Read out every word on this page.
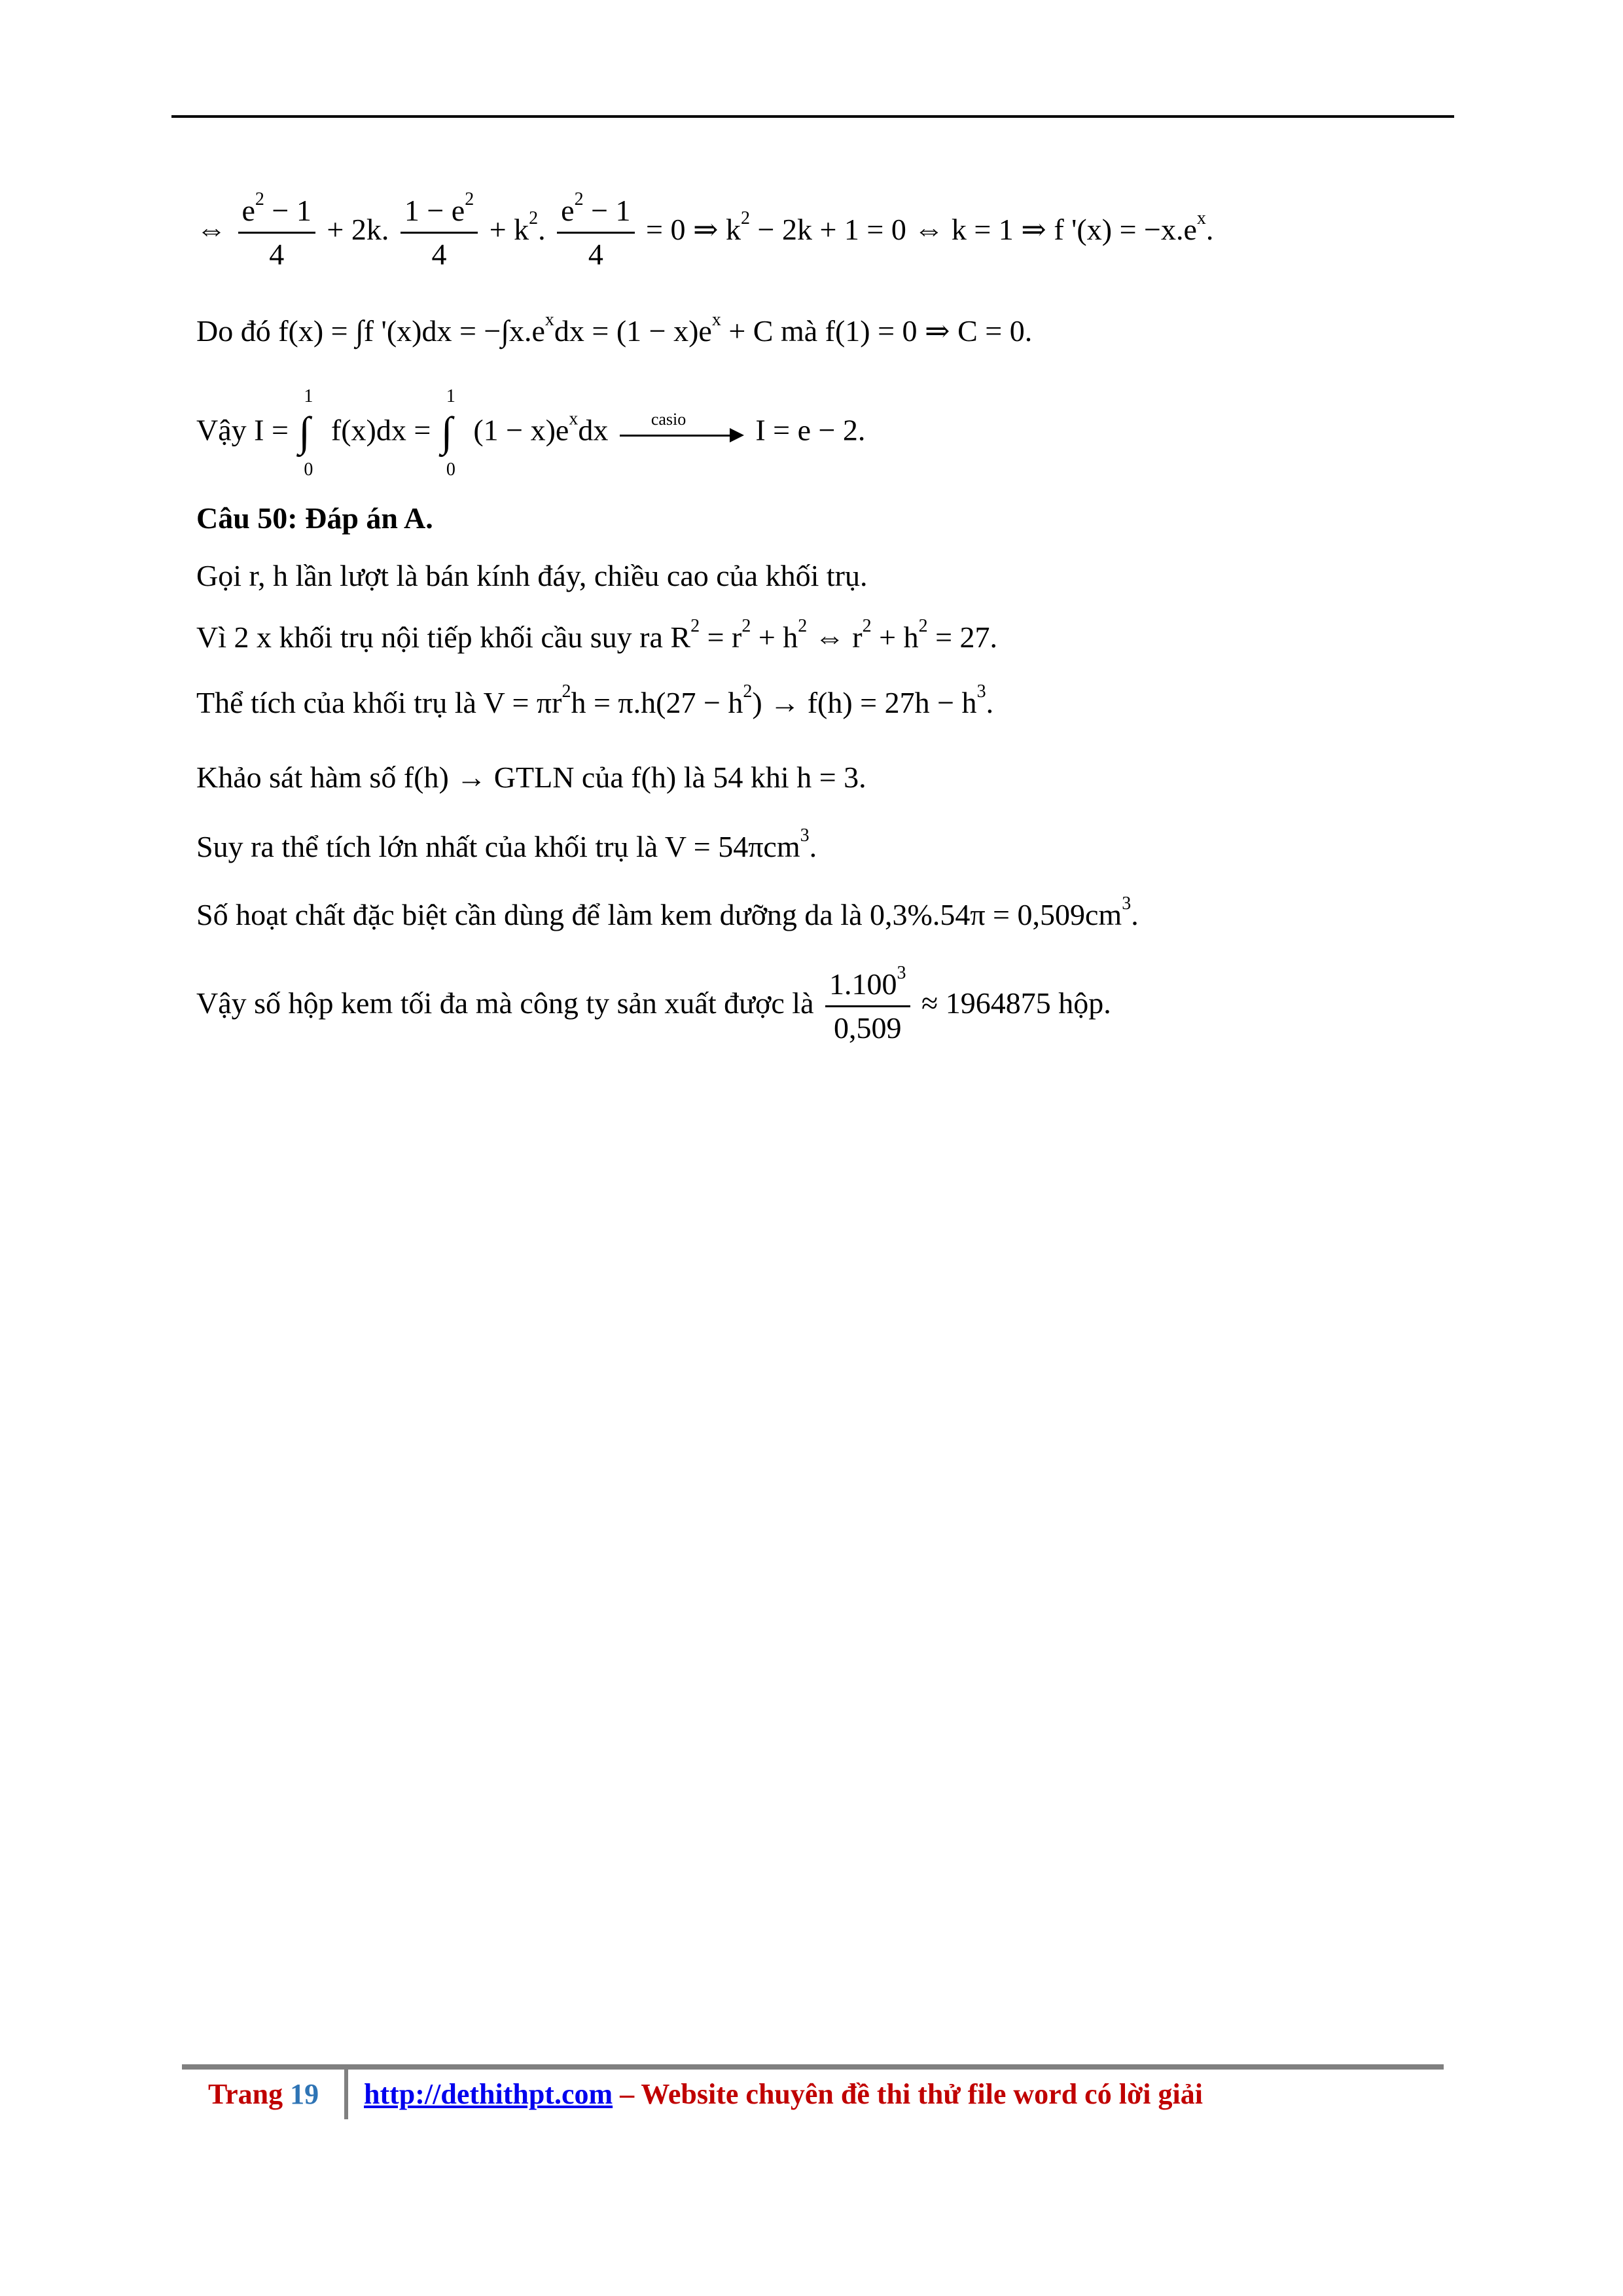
⇔ $\frac{e^2 - 1}{4} + 2k$. $\frac{1 - e^2}{4} + k^2$. $\frac{e^2 - 1}{4} = 0$ ⇒ $k^2 - 2k + 1 = 0$ ⇔ k = 1 ⇒ f '$(x) = -x.e^x$.
Do đó f(x) = ∫f '$(x)dx = -\int x.e^xdx = (1 - x)e^x + C$ mà f(1) = 0 ⇒ C = 0.
Vậy I =
1
∫
0
f(x)dx =
1
∫
0
$(1 - x)e^xdx$	casio I = e − 2.
Câu 50: Đáp án A.
Gọi r, h lần lượt là bán kính đáy, chiều cao của khối trụ.
Vì 2 x khối trụ nội tiếp khối cầu suy ra $R^2 = r^2 + h^2$ ⇔ $r^2 + h^2 = 27$.
Thể tích của khối trụ là $V = \pi r^2h = \pi.h(27 - h^2) \to f(h) = 27h - h^3$.
Khảo sát hàm số f(h) → GTLN của f(h) là 54 khi h = 3.
Suy ra thể tích lớn nhất của khối trụ là V = 54πcm$^3$.
Số hoạt chất đặc biệt cần dùng để làm kem dưỡng da là $0,3\%.54\pi = 0,509cm^3$.
Vậy số hộp kem tối đa mà công ty sản xuất được là $\frac{1.100^3}{0,509} \approx 1964875$ hộp.
Trang 19 http://dethithpt.com – Website chuyên đề thi thử file word có lời giải
